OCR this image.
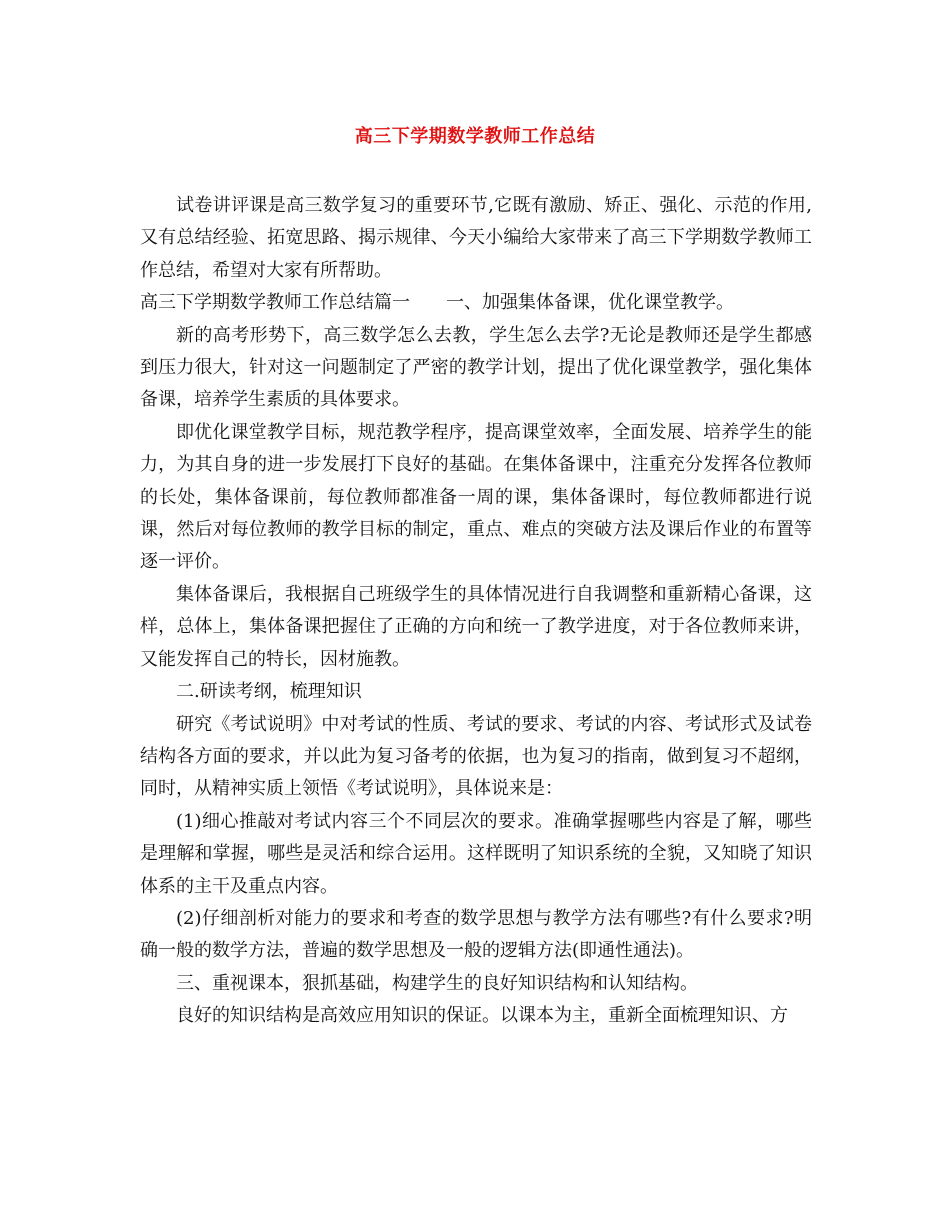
高三下学期数学教师工作总结

试卷讲评课是高三数学复习的重要环节,它既有激励、矫正、强化、示范的作用,又有总结经验、拓宽思路、揭示规律、今天小编给大家带来了高三下学期数学教师工作总结，希望对大家有所帮助。

高三下学期数学教师工作总结篇一 一、加强集体备课，优化课堂教学。

新的高考形势下，高三数学怎么去教，学生怎么去学?无论是教师还是学生都感到压力很大，针对这一问题制定了严密的教学计划，提出了优化课堂教学，强化集体备课，培养学生素质的具体要求。

即优化课堂教学目标，规范教学程序，提高课堂效率，全面发展、培养学生的能力，为其自身的进一步发展打下良好的基础。在集体备课中，注重充分发挥各位教师的长处，集体备课前，每位教师都准备一周的课，集体备课时，每位教师都进行说课，然后对每位教师的教学目标的制定，重点、难点的突破方法及课后作业的布置等逐一评价。

集体备课后，我根据自己班级学生的具体情况进行自我调整和重新精心备课，这样，总体上，集体备课把握住了正确的方向和统一了教学进度，对于各位教师来讲，又能发挥自己的特长，因材施教。

二.研读考纲，梳理知识

研究《考试说明》中对考试的性质、考试的要求、考试的内容、考试形式及试卷结构各方面的要求，并以此为复习备考的依据，也为复习的指南，做到复习不超纲，同时，从精神实质上领悟《考试说明》，具体说来是：

(1)细心推敲对考试内容三个不同层次的要求。准确掌握哪些内容是了解，哪些是理解和掌握，哪些是灵活和综合运用。这样既明了知识系统的全貌，又知晓了知识体系的主干及重点内容。

(2)仔细剖析对能力的要求和考查的数学思想与教学方法有哪些?有什么要求?明确一般的数学方法，普遍的数学思想及一般的逻辑方法(即通性通法)。

三、重视课本，狠抓基础，构建学生的良好知识结构和认知结构。

良好的知识结构是高效应用知识的保证。以课本为主，重新全面梳理知识、方
